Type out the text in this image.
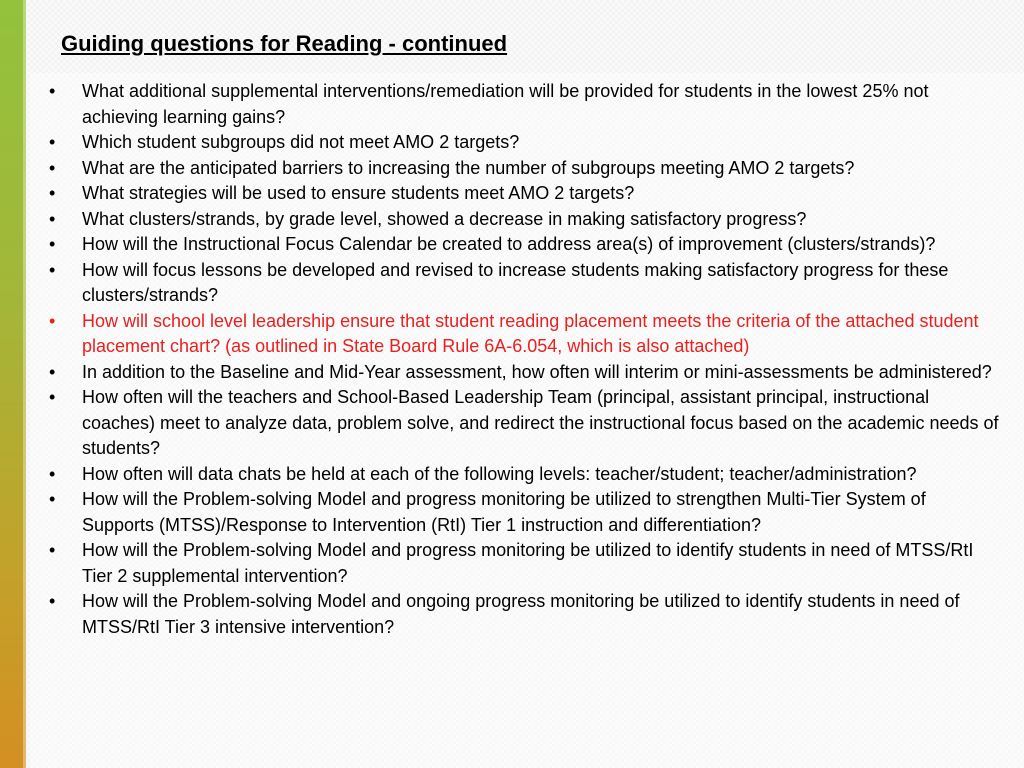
Guiding questions for Reading - continued
• What additional supplemental interventions/remediation will be provided for students in the lowest 25% not achieving learning gains?
• Which student subgroups did not meet AMO 2 targets?
• What are the anticipated barriers to increasing the number of subgroups meeting AMO 2 targets?
• What strategies will be used to ensure students meet AMO 2 targets?
• What clusters/strands, by grade level, showed a decrease in making satisfactory progress?
• How will the Instructional Focus Calendar be created to address area(s) of improvement (clusters/strands)?
• How will focus lessons be developed and revised to increase students making satisfactory progress for these clusters/strands?
• How will school level leadership ensure that student reading placement meets the criteria of the attached student placement chart? (as outlined in State Board Rule 6A-6.054, which is also attached)
• In addition to the Baseline and Mid-Year assessment, how often will interim or mini-assessments be administered?
• How often will the teachers and School-Based Leadership Team (principal, assistant principal, instructional coaches) meet to analyze data, problem solve, and redirect the instructional focus based on the academic needs of students?
• How often will data chats be held at each of the following levels: teacher/student; teacher/administration?
• How will the Problem-solving Model and progress monitoring be utilized to strengthen Multi-Tier System of Supports (MTSS)/Response to Intervention (RtI) Tier 1 instruction and differentiation?
• How will the Problem-solving Model and progress monitoring be utilized to identify students in need of MTSS/RtI Tier 2 supplemental intervention?
• How will the Problem-solving Model and ongoing progress monitoring be utilized to identify students in need of MTSS/RtI Tier 3 intensive intervention?
